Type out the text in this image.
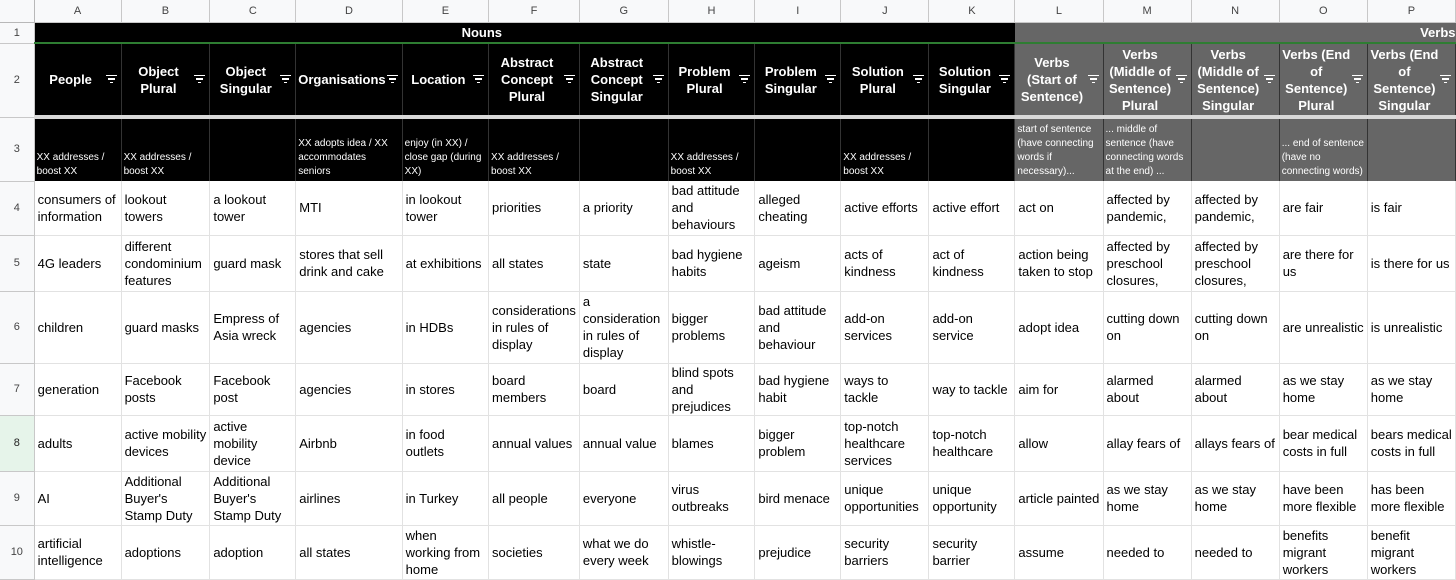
	A	B	C	D	E	F	G	H	I	J	K	L	M	N	O	P
1	Nouns											Verbs				
2	People	Object Plural	Object Singular	Organisations	Location	Abstract Concept Plural	Abstract Concept Singular	Problem Plural	Problem Singular	Solution Plural	Solution Singular	Verbs (Start of Sentence)	Verbs (Middle of Sentence) Plural	Verbs (Middle of Sentence) Singular	Verbs (End of Sentence) Plural	Verbs (End of Sentence) Singular

3	XX addresses / boost XX	XX addresses / boost XX		XX adopts idea / XX accommodates seniors	enjoy (in XX) / close gap (during XX)	XX addresses / boost XX		XX addresses / boost XX		XX addresses / boost XX		start of sentence (have connecting words if necessary)...	... middle of sentence (have connecting words at the end) ...		... end of sentence (have no connecting words)	
4	consumers of information	lookout towers	a lookout tower	MTI	in lookout tower	priorities	a priority	bad attitude and behaviours	alleged cheating	active efforts	active effort	act on	affected by pandemic,	affected by pandemic,	are fair	is fair
5	4G leaders	different condominium features	guard mask	stores that sell drink and cake	at exhibitions	all states	state	bad hygiene habits	ageism	acts of kindness	act of kindness	action being taken to stop	affected by preschool closures,	affected by preschool closures,	are there for us	is there for us
6	children	guard masks	Empress of Asia wreck	agencies	in HDBs	considerations in rules of display	a consideration in rules of display	bigger problems	bad attitude and behaviour	add-on services	add-on service	adopt idea	cutting down on	cutting down on	are unrealistic	is unrealistic
7	generation	Facebook posts	Facebook post	agencies	in stores	board members	board	blind spots and prejudices	bad hygiene habit	ways to tackle	way to tackle	aim for	alarmed about	alarmed about	as we stay home	as we stay home
8	adults	active mobility devices	active mobility device	Airbnb	in food outlets	annual values	annual value	blames	bigger problem	top-notch healthcare services	top-notch healthcare	allow	allay fears of	allays fears of	bear medical costs in full	bears medical costs in full
9	AI	Additional Buyer's Stamp Duty	Additional Buyer's Stamp Duty	airlines	in Turkey	all people	everyone	virus outbreaks	bird menace	unique opportunities	unique opportunity	article painted	as we stay home	as we stay home	have been more flexible	has been more flexible
10	artificial intelligence	adoptions	adoption	all states	when working from home	societies	what we do every week	whistle-blowings	prejudice	security barriers	security barrier	assume	needed to	needed to	benefits migrant workers	benefit migrant workers
